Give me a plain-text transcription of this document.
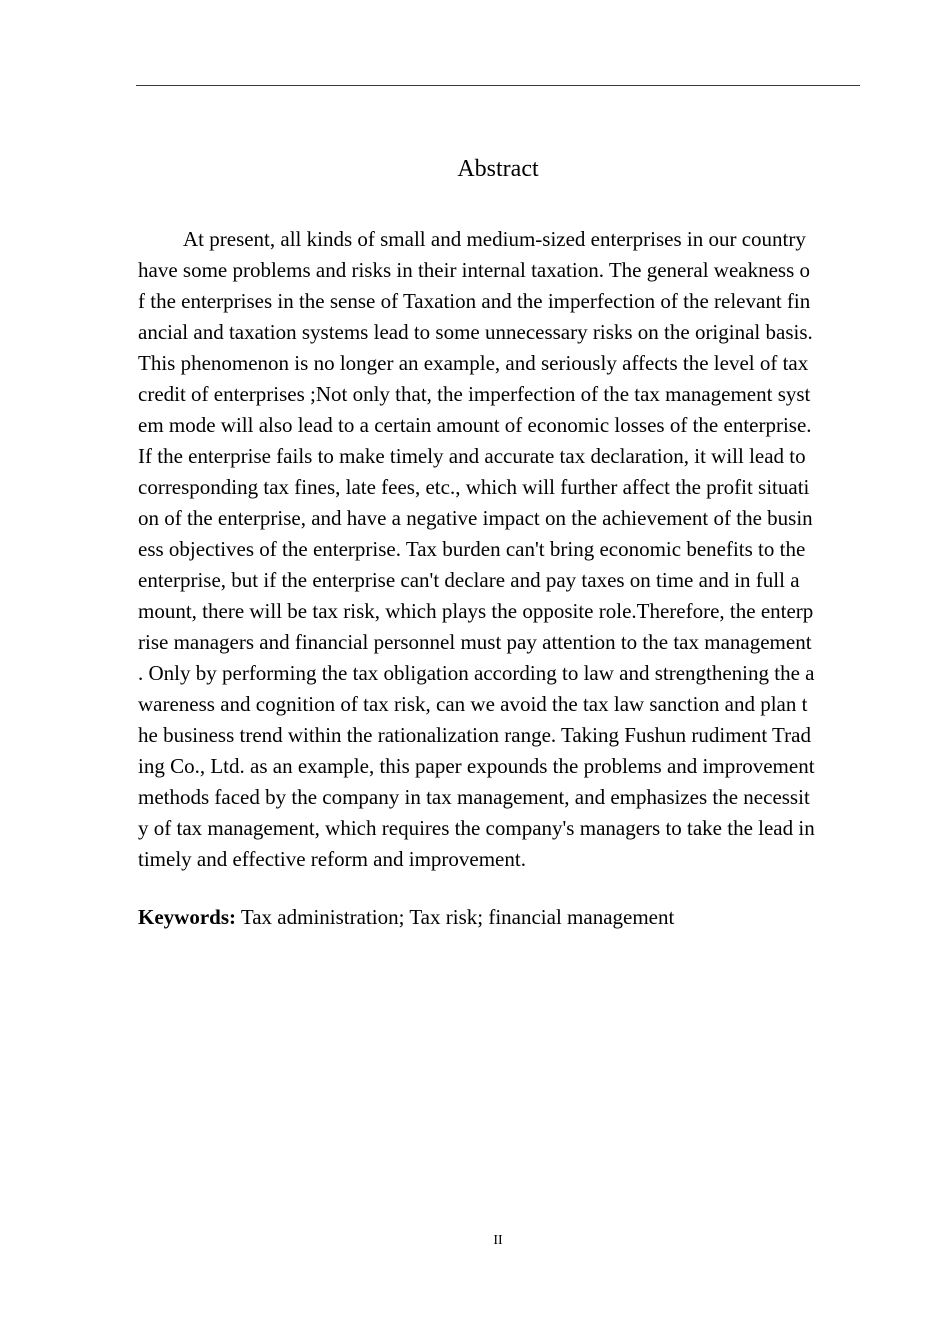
Abstract
At present, all kinds of small and medium-sized enterprises in our country
have some problems and risks in their internal taxation. The general weakness o
f the enterprises in the sense of Taxation and the imperfection of the relevant fin
ancial and taxation systems lead to some unnecessary risks on the original basis.
This phenomenon is no longer an example, and seriously affects the level of tax
credit of enterprises ;Not only that, the imperfection of the tax management syst
em mode will also lead to a certain amount of economic losses of the enterprise.
If the enterprise fails to make timely and accurate tax declaration, it will lead to
corresponding tax fines, late fees, etc., which will further affect the profit situati
on of the enterprise, and have a negative impact on the achievement of the busin
ess objectives of the enterprise. Tax burden can't bring economic benefits to the
enterprise, but if the enterprise can't declare and pay taxes on time and in full a
mount, there will be tax risk, which plays the opposite role.Therefore, the enterp
rise managers and financial personnel must pay attention to the tax management
. Only by performing the tax obligation according to law and strengthening the a
wareness and cognition of tax risk, can we avoid the tax law sanction and plan t
he business trend within the rationalization range. Taking Fushun rudiment Trad
ing Co., Ltd. as an example, this paper expounds the problems and improvement
methods faced by the company in tax management, and emphasizes the necessit
y of tax management, which requires the company's managers to take the lead in
timely and effective reform and improvement.
Keywords: Tax administration; Tax risk; financial management
II
